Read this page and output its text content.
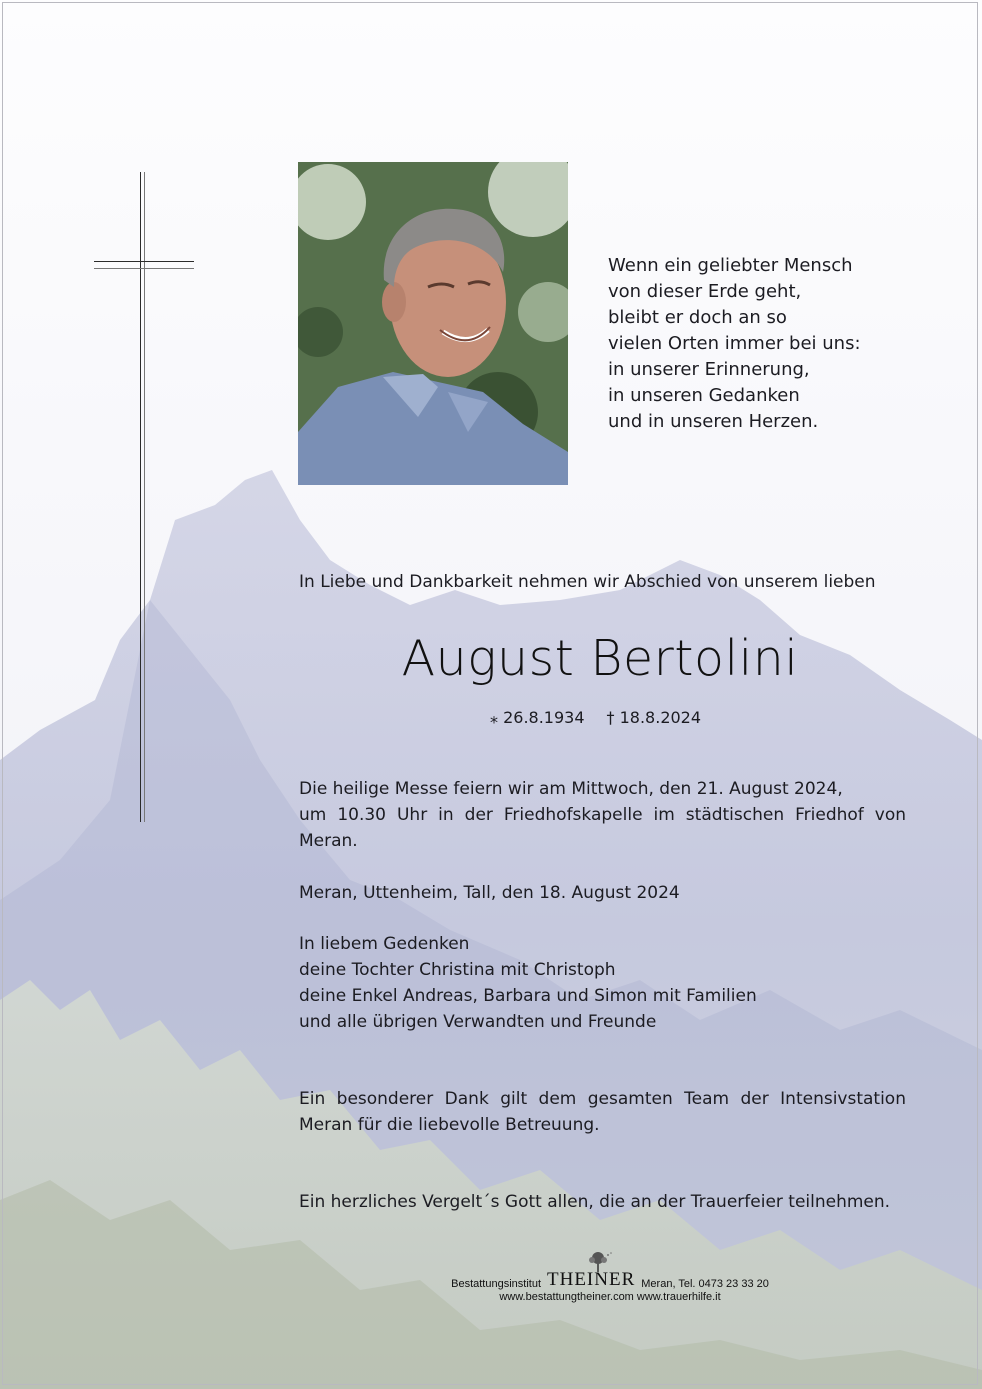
Wenn ein geliebter Mensch
von dieser Erde geht,
bleibt er doch an so
vielen Orten immer bei uns:
in unserer Erinnerung,
in unseren Gedanken
und in unseren Herzen.
In Liebe und Dankbarkeit nehmen wir Abschied von unserem lieben
August Bertolini
⁎ 26.8.1934 † 18.8.2024
Die heilige Messe feiern wir am Mittwoch, den 21. August 2024,
um 10.30 Uhr in der Friedhofskapelle im städtischen Friedhof von
Meran.
Meran, Uttenheim, Tall, den 18. August 2024
In liebem Gedenken
deine Tochter Christina mit Christoph
deine Enkel Andreas, Barbara und Simon mit Familien
und alle übrigen Verwandten und Freunde
Ein besonderer Dank gilt dem gesamten Team der Intensivstation
Meran für die liebevolle Betreuung.
Ein herzliches Vergelt´s Gott allen, die an der Trauerfeier teilnehmen.
Bestattungsinstitut THEINER Meran, Tel. 0473 23 33 20
www.bestattungtheiner.com www.trauerhilfe.it
